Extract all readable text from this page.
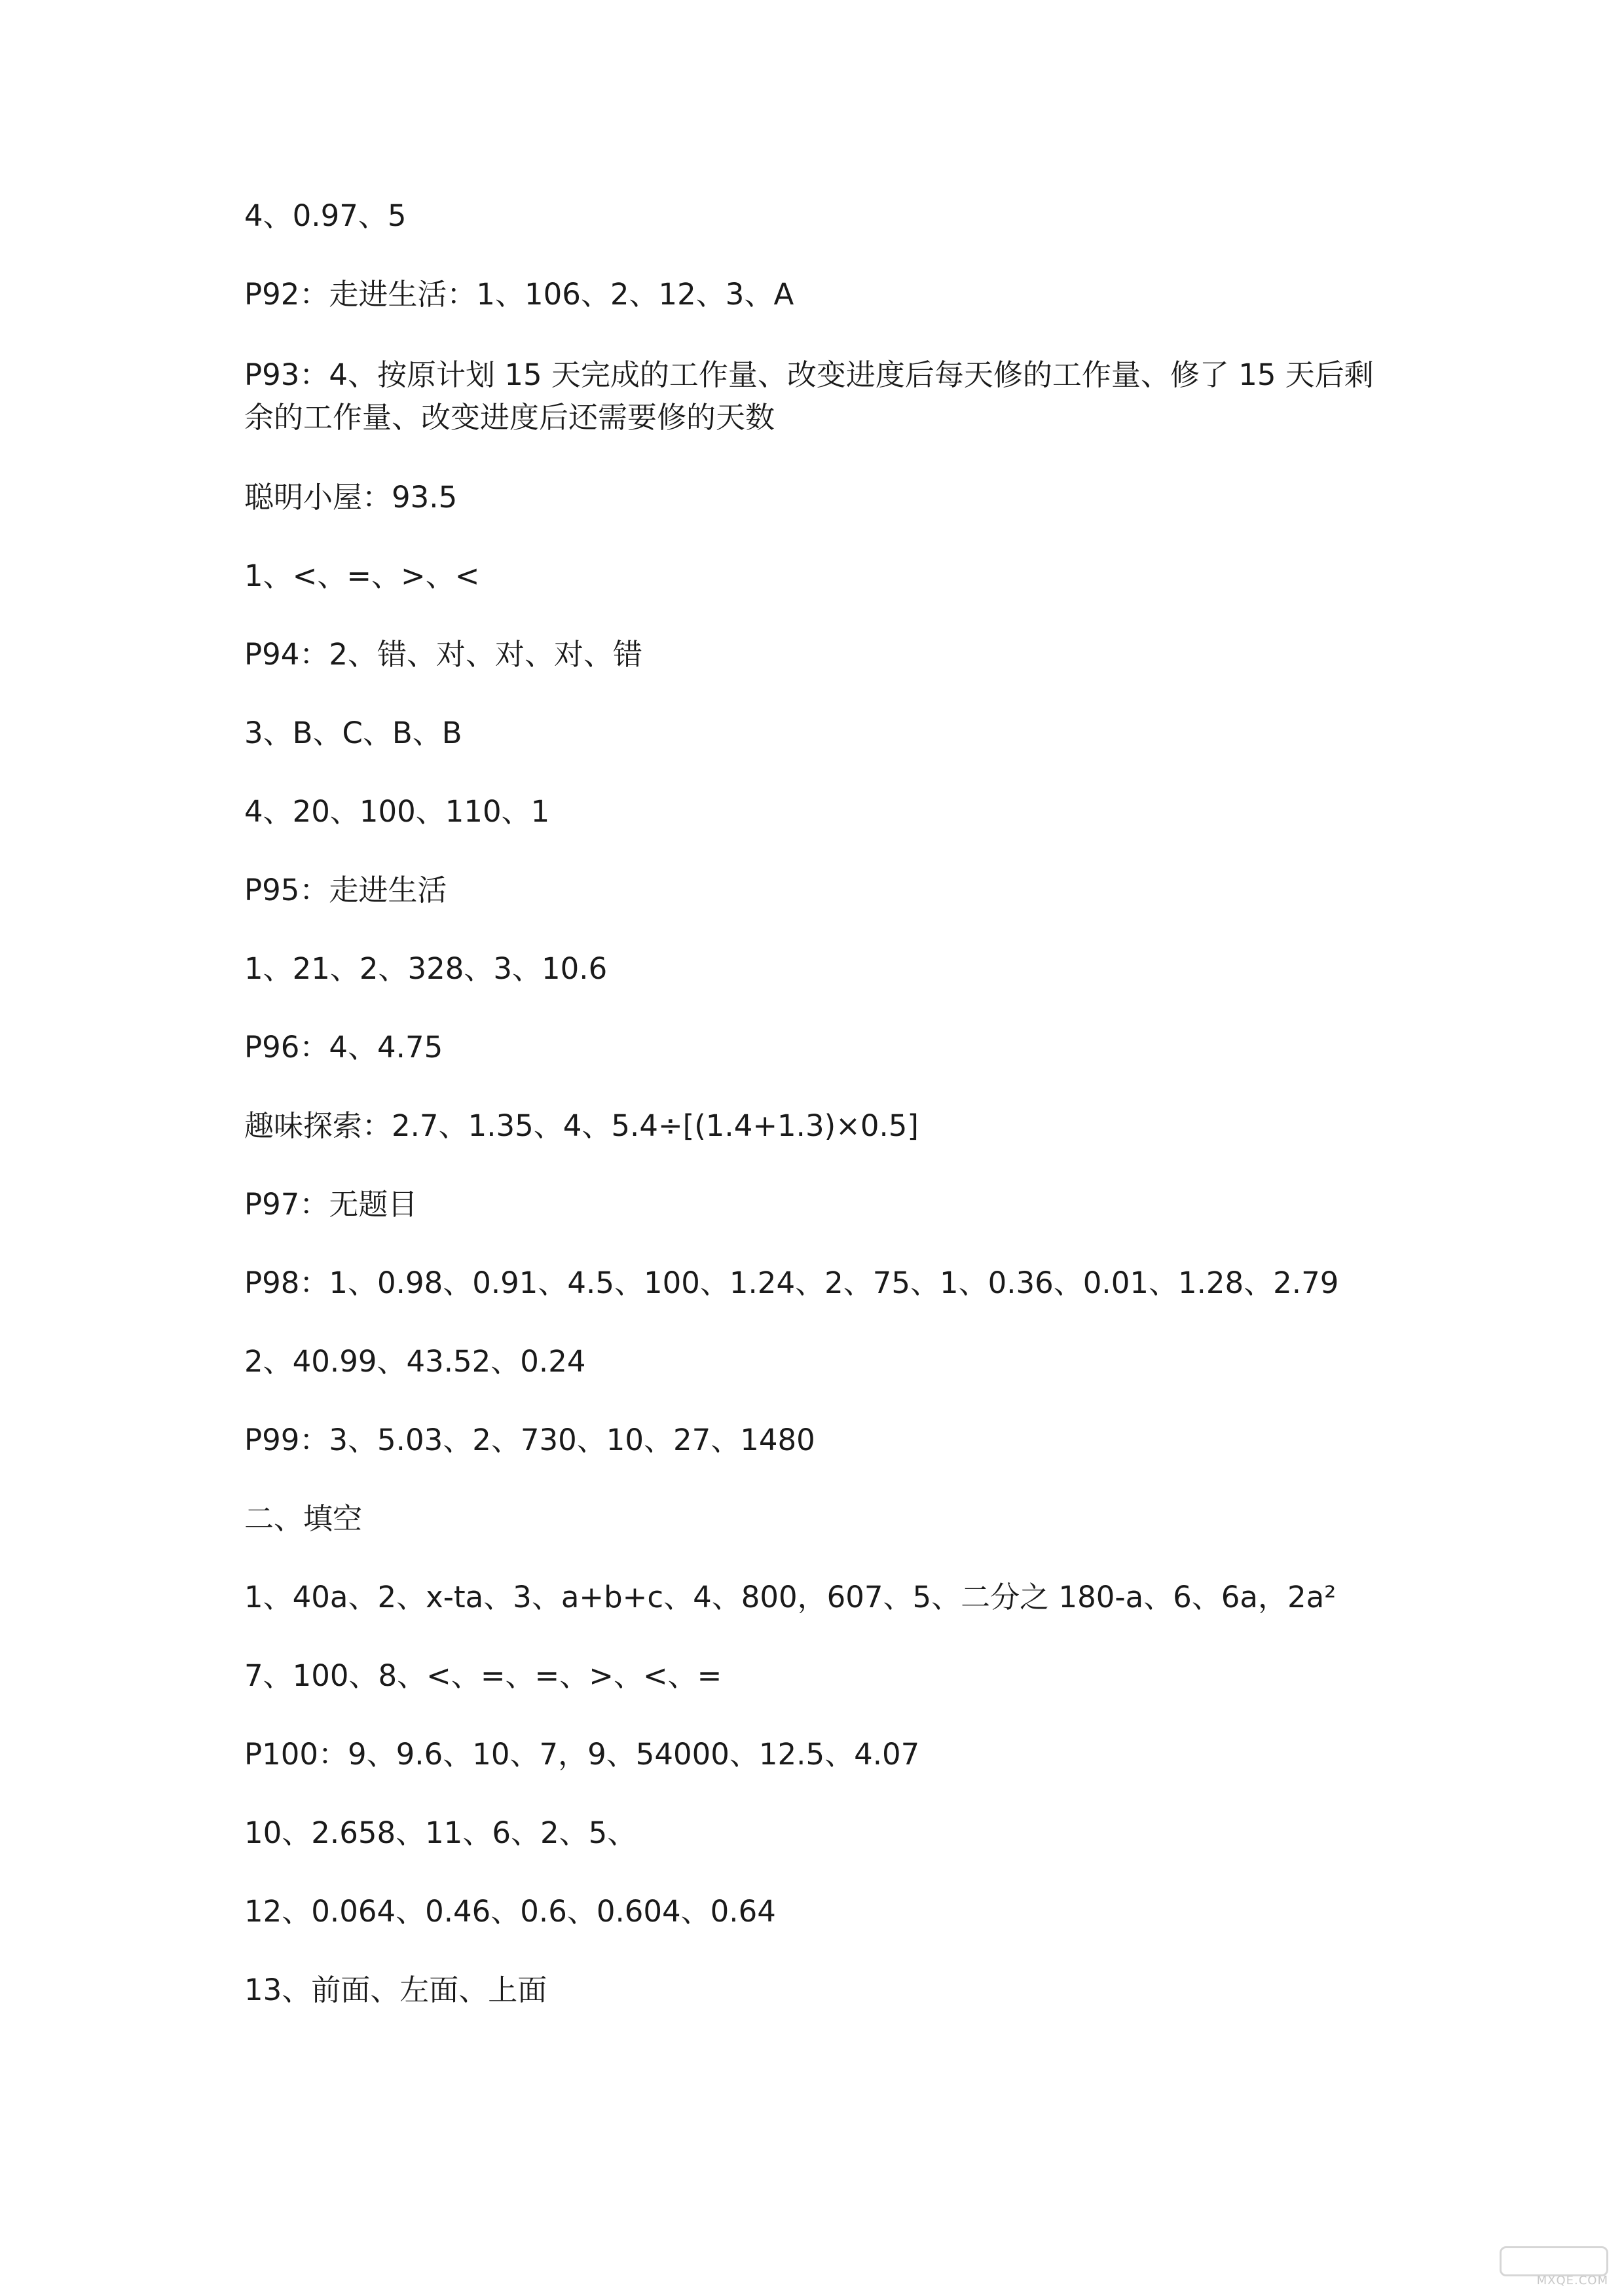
4、0.97、5
P92：走进生活：1、106、2、12、3、A
P93：4、按原计划 15 天完成的工作量、改变进度后每天修的工作量、修了 15 天后剩余的工作量、改变进度后还需要修的天数
聪明小屋：93.5
1、<、=、>、<
P94：2、错、对、对、对、错
3、B、C、B、B
4、20、100、110、1
P95：走进生活
1、21、2、328、3、10.6
P96：4、4.75
趣味探索：2.7、1.35、4、5.4÷[(1.4+1.3)×0.5]
P97：无题目
P98：1、0.98、0.91、4.5、100、1.24、2、75、1、0.36、0.01、1.28、2.79
2、40.99、43.52、0.24
P99：3、5.03、2、730、10、27、1480
二、填空
1、40a、2、x-ta、3、a+b+c、4、800，607、5、二分之 180-a、6、6a，2a²
7、100、8、<、=、=、>、<、=
P100：9、9.6、10、7，9、54000、12.5、4.07
10、2.658、11、6、2、5、
12、0.064、0.46、0.6、0.604、0.64
13、前面、左面、上面
MXQE.COM
